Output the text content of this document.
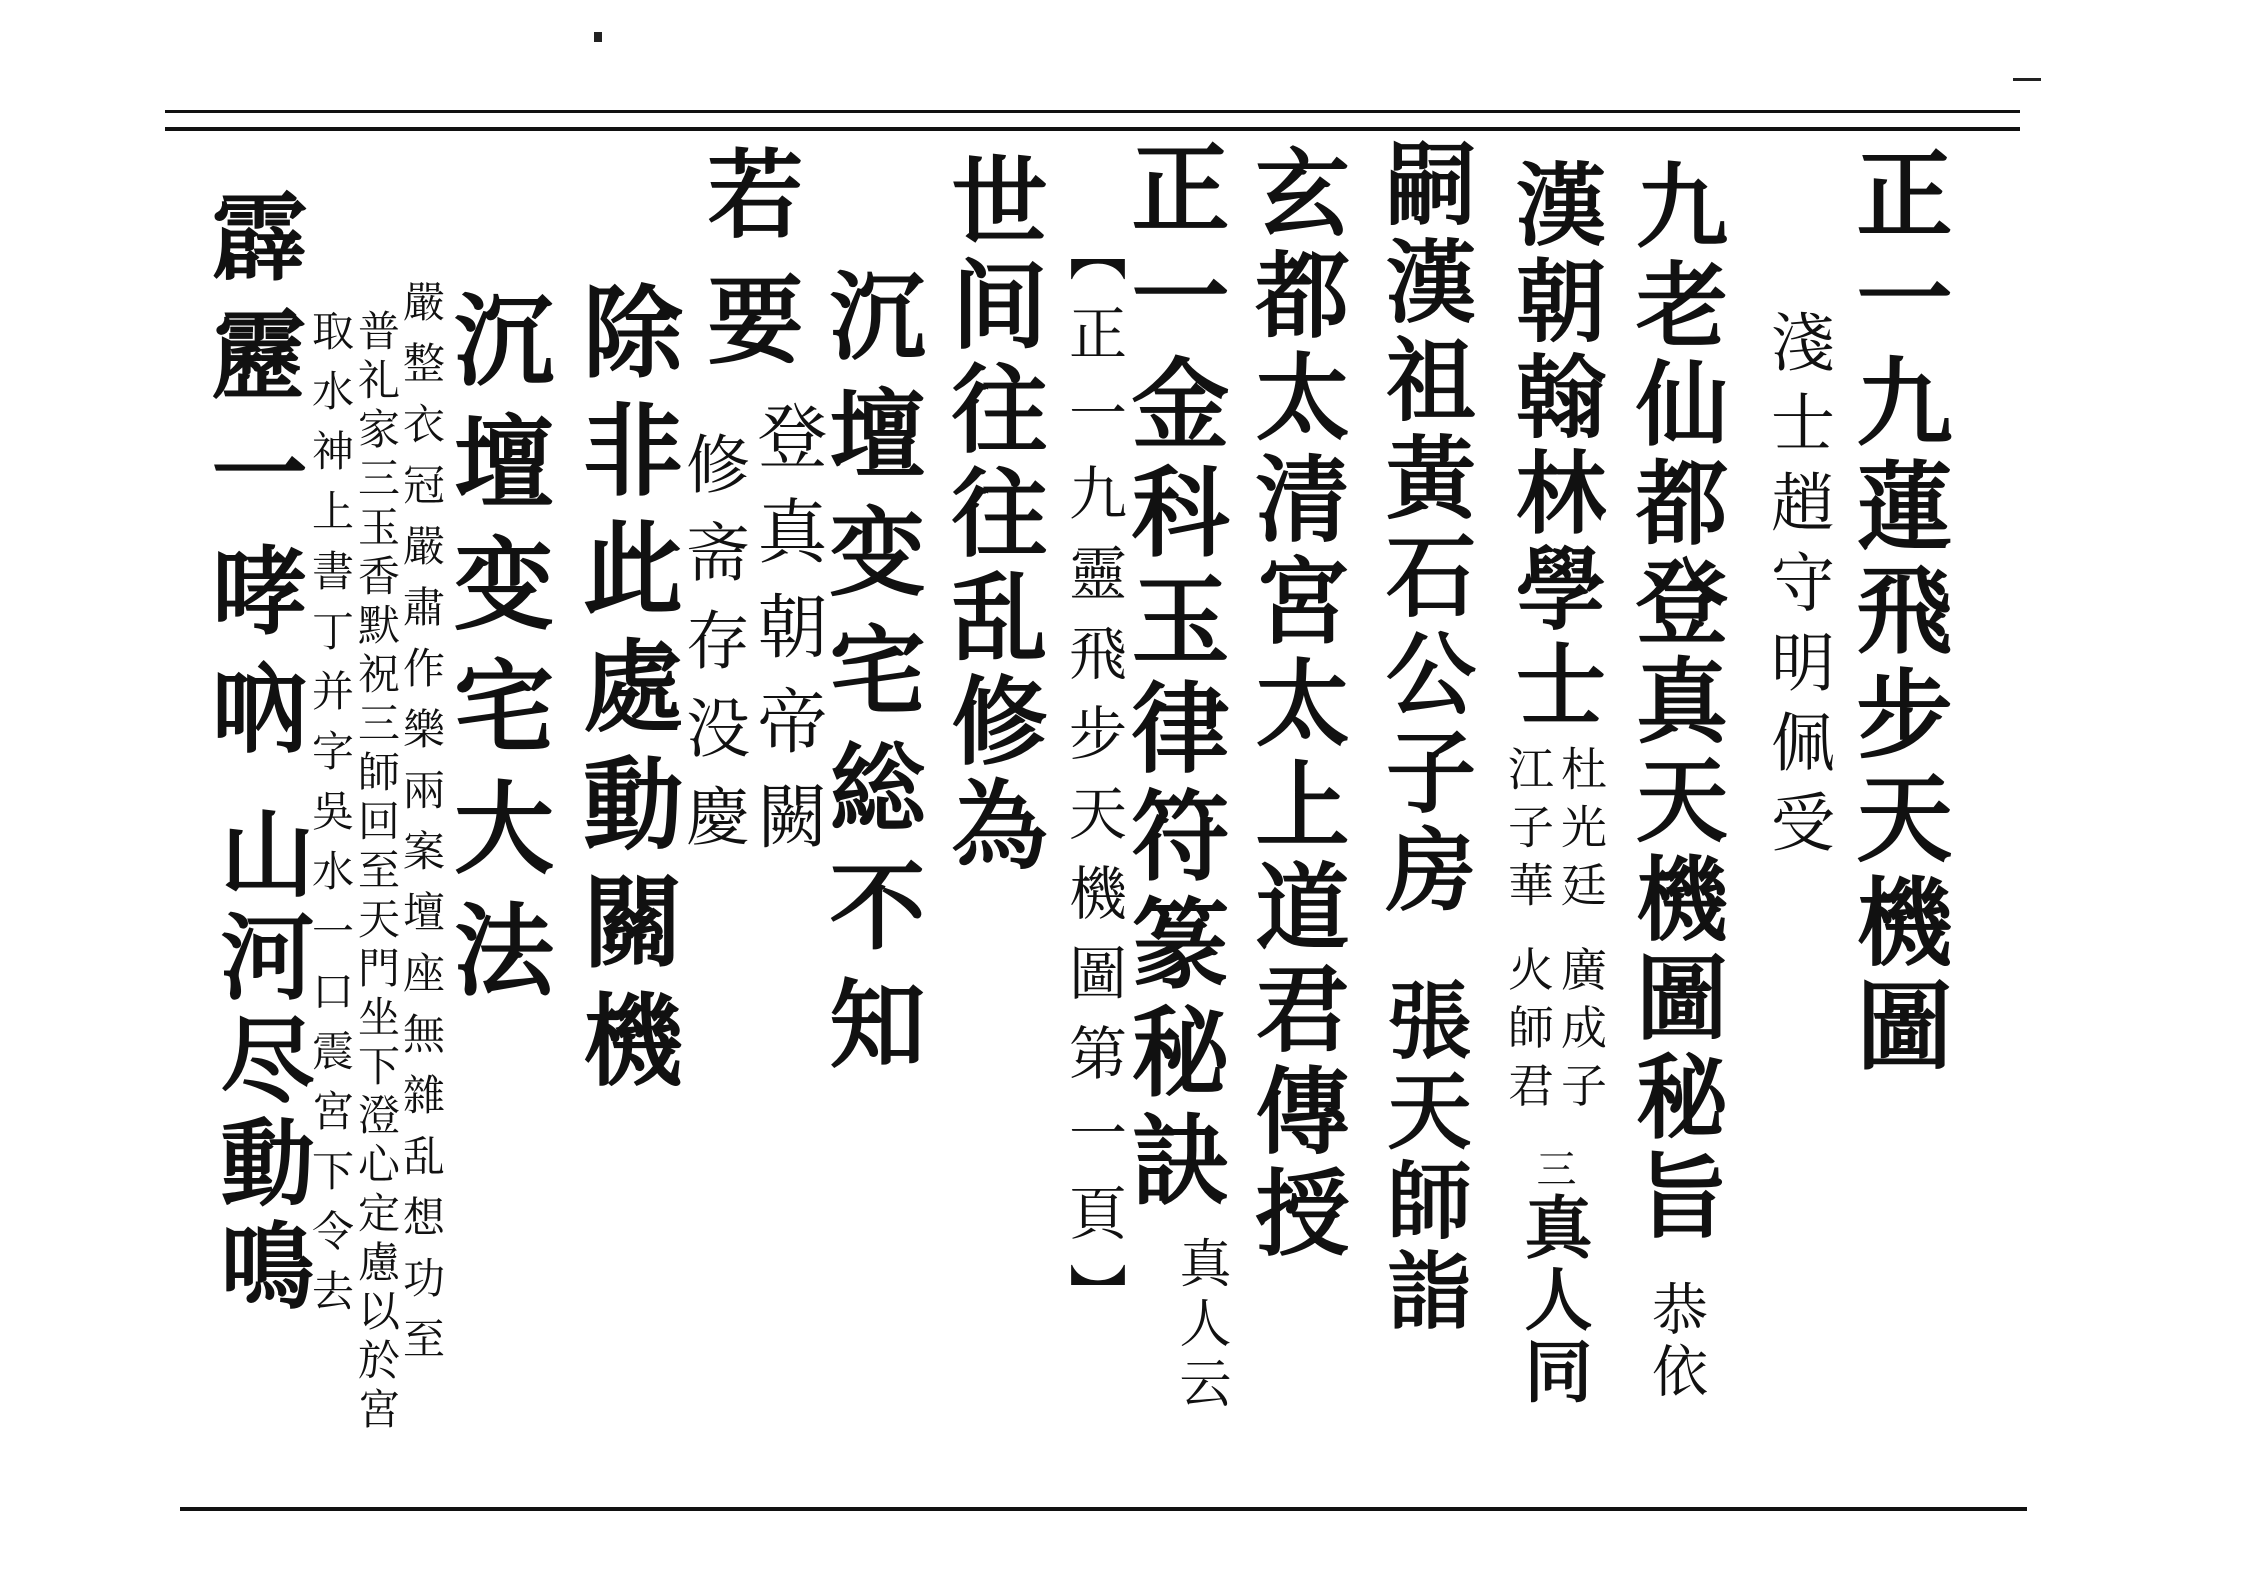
正一九蓮飛步天機圖
淺士趙守明佩受
九老仙都登真天機圖秘旨
恭依
漢朝翰林學士
杜光廷 廣成子
江子華 火師君
三
真人同
嗣漢祖黃石公子房
張天師詣
玄都太清宮太上道君傳授
正一金科玉律符篆秘訣
真人云
【正一九靈飛步天機圖第一頁】
世间往往乱修為
沉壇变宅総不知
登真朝帝闕
若要
修斋存没慶
除非此處動關機
沉壇变宅大法
嚴整衣冠嚴肅作樂兩案壇座無雜乱想功至
普礼家三玉香默祝三師回至天門坐下澄心定慮以於宮
取水神上書丁并字吳水一口震宮下令去
霹靂一哮吶
山河尽動鳴
